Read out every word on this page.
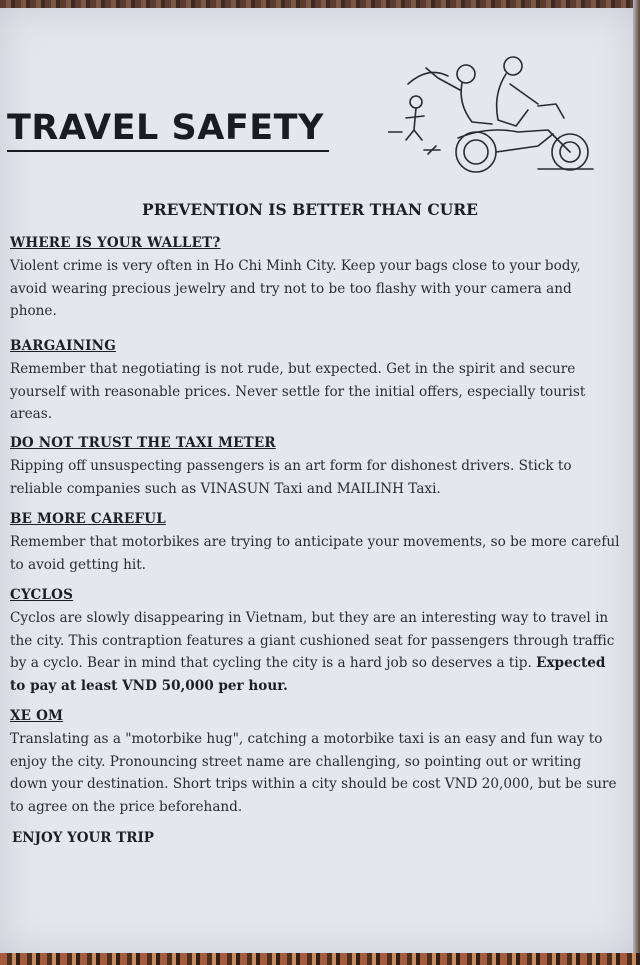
TRAVEL SAFETY
PREVENTION IS BETTER THAN CURE
WHERE IS YOUR WALLET?

Violent crime is very often in Ho Chi Minh City. Keep your bags close to your body, avoid wearing precious jewelry and try not to be too flashy with your camera and phone.

BARGAINING

Remember that negotiating is not rude, but expected. Get in the spirit and secure yourself with reasonable prices. Never settle for the initial offers, especially tourist areas.

DO NOT TRUST THE TAXI METER

Ripping off unsuspecting passengers is an art form for dishonest drivers. Stick to reliable companies such as VINASUN Taxi and MAILINH Taxi.

BE MORE CAREFUL

Remember that motorbikes are trying to anticipate your movements, so be more careful to avoid getting hit.

CYCLOS

Cyclos are slowly disappearing in Vietnam, but they are an interesting way to travel in the city. This contraption features a giant cushioned seat for passengers through traffic by a cyclo. Bear in mind that cycling the city is a hard job so deserves a tip. Expected to pay at least VND 50,000 per hour.

XE OM

Translating as a "motorbike hug", catching a motorbike taxi is an easy and fun way to enjoy the city. Pronouncing street name are challenging, so pointing out or writing down your destination. Short trips within a city should be cost VND 20,000, but be sure to agree on the price beforehand.

ENJOY YOUR TRIP
